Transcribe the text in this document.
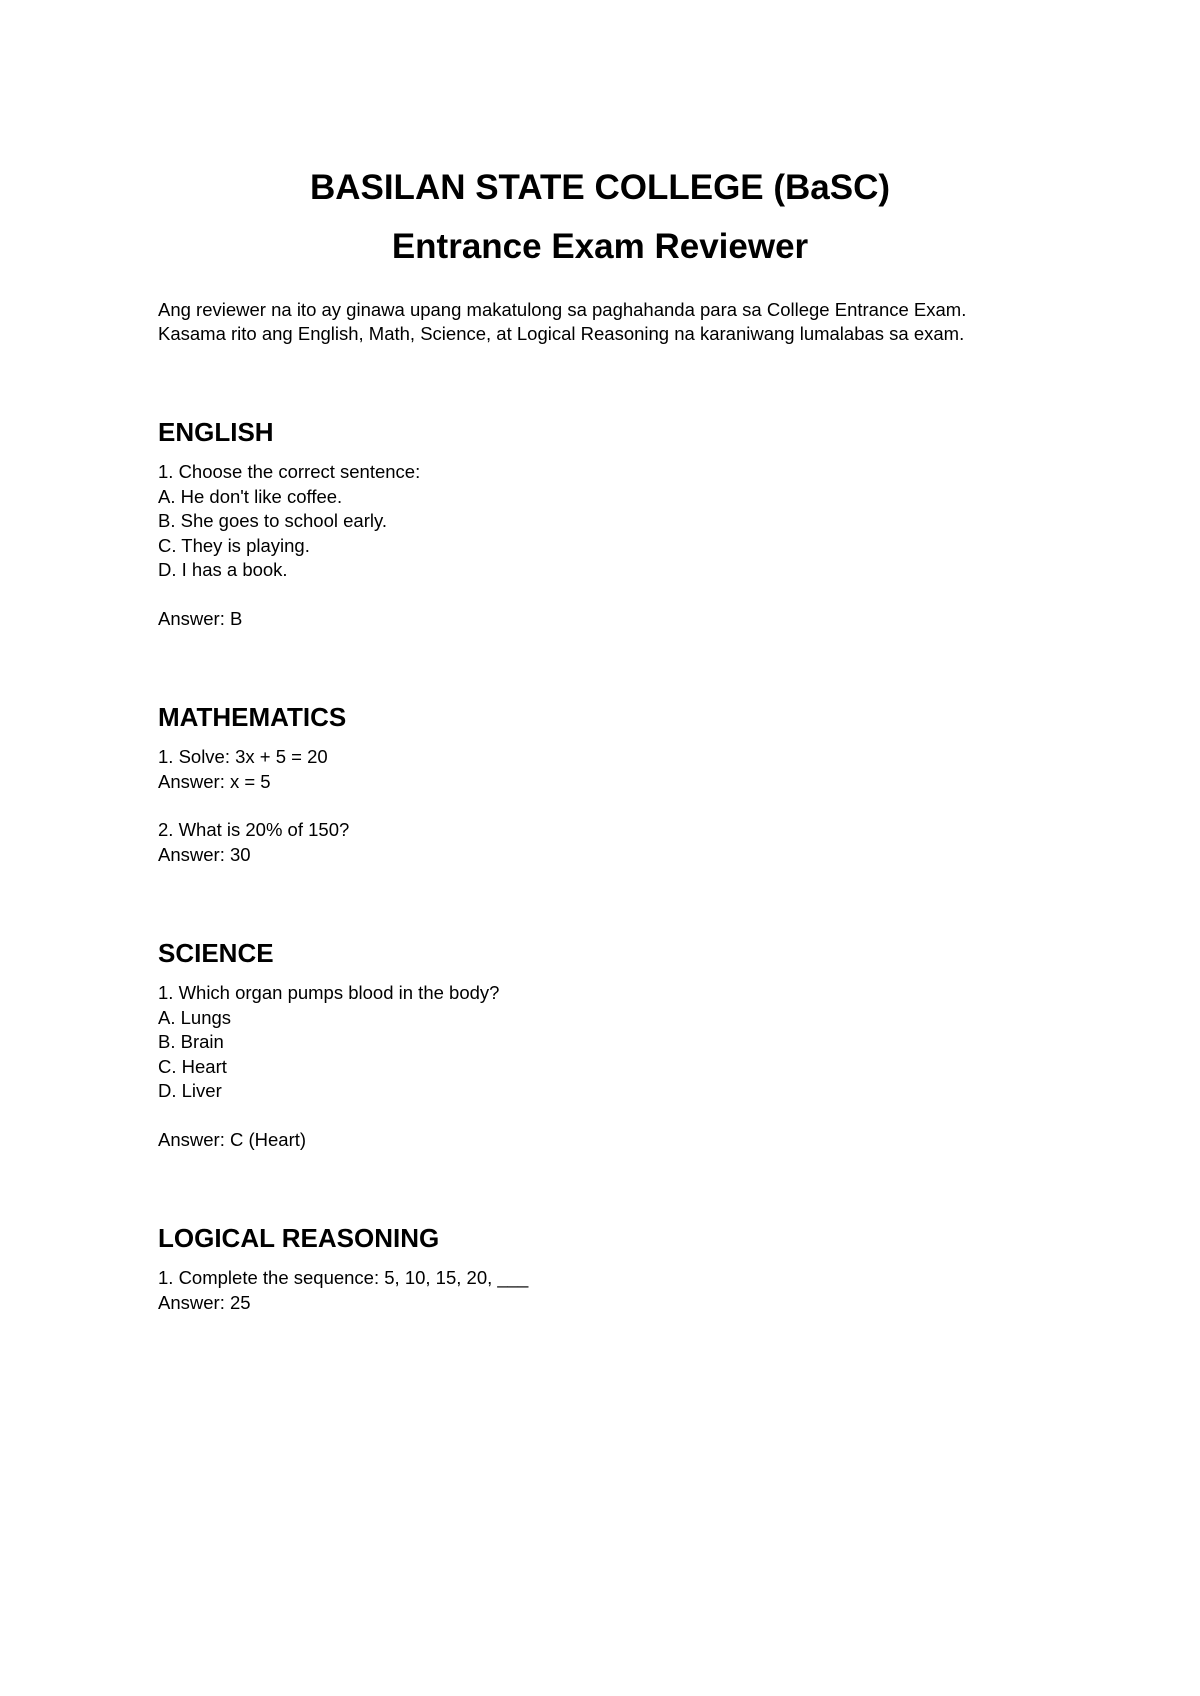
BASILAN STATE COLLEGE (BaSC)

Entrance Exam Reviewer

Ang reviewer na ito ay ginawa upang makatulong sa paghahanda para sa College Entrance Exam.

Kasama rito ang English, Math, Science, at Logical Reasoning na karaniwang lumalabas sa exam.

ENGLISH

1. Choose the correct sentence:

A. He don't like coffee.

B. She goes to school early.

C. They is playing.

D. I has a book.

Answer: B

MATHEMATICS

1. Solve: 3x + 5 = 20

Answer: x = 5

2. What is 20% of 150?

Answer: 30

SCIENCE

1. Which organ pumps blood in the body?

A. Lungs

B. Brain

C. Heart

D. Liver

Answer: C (Heart)

LOGICAL REASONING

1. Complete the sequence: 5, 10, 15, 20, ___

Answer: 25
